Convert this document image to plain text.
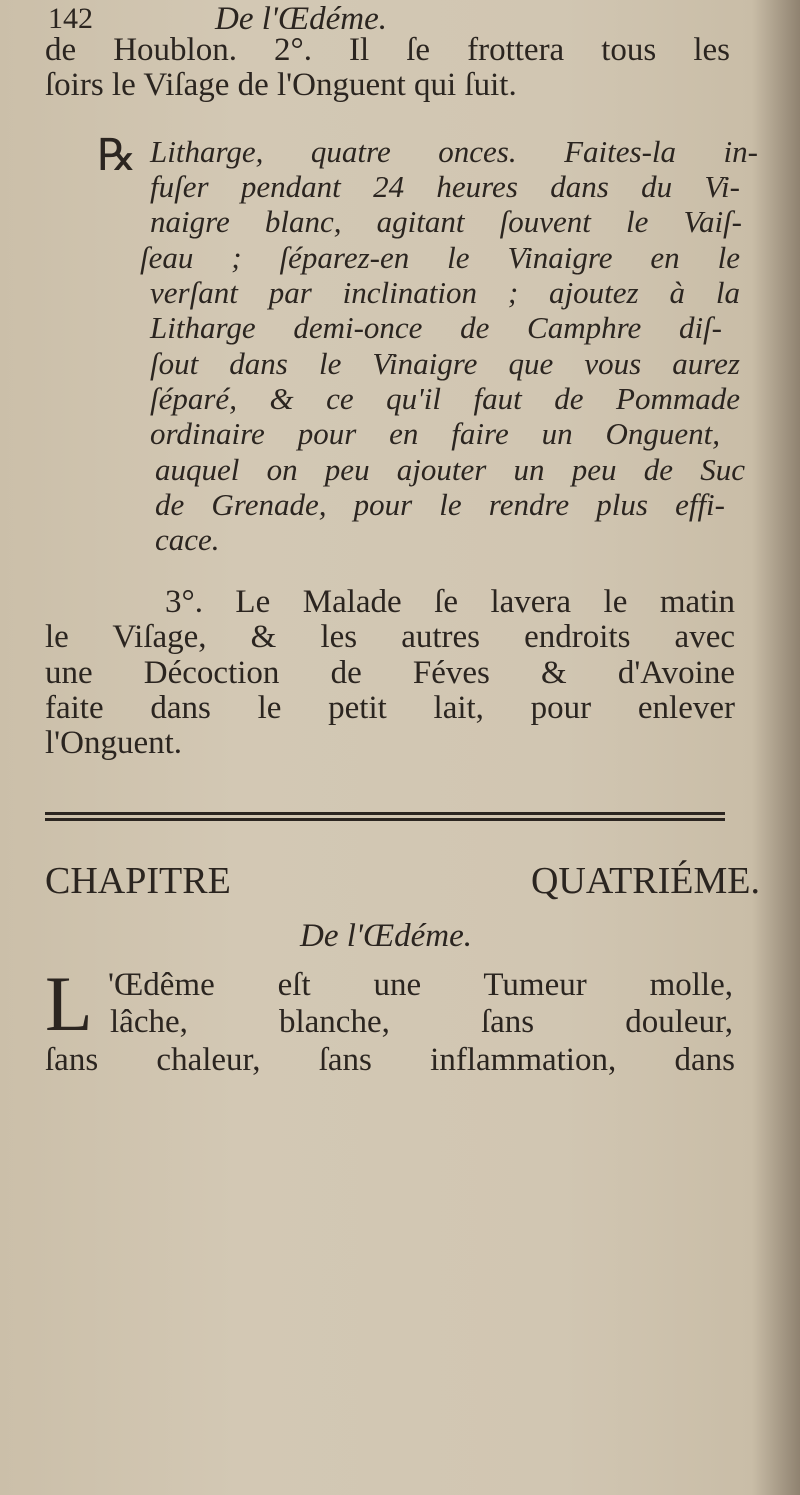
142	De l'Œdéme.
de Houblon. 2°. Il ſe frottera tous les
ſoirs le Viſage de l'Onguent qui ſuit.
℞ Litharge, quatre onces. Faites-la in-
fuſer pendant 24 heures dans du Vi-
naigre blanc, agitant ſouvent le Vaiſ-
ſeau ; ſéparez-en le Vinaigre en le
verſant par inclination ; ajoutez à la
Litharge demi-once de Camphre diſ-
ſout dans le Vinaigre que vous aurez
ſéparé, & ce qu'il faut de Pommade
ordinaire pour en faire un Onguent,
auquel on peu ajouter un peu de Suc
de Grenade, pour le rendre plus effi-
cace.
3°. Le Malade ſe lavera le matin
le Viſage, & les autres endroits avec
une Décoction de Féves & d'Avoine
faite dans le petit lait, pour enlever
l'Onguent.
CHAPITRE QUATRIÉME.
De l'Œdéme.
L 'Œdême eſt une Tumeur molle,
lâche, blanche, ſans douleur,
ſans chaleur, ſans inflammation, dans
